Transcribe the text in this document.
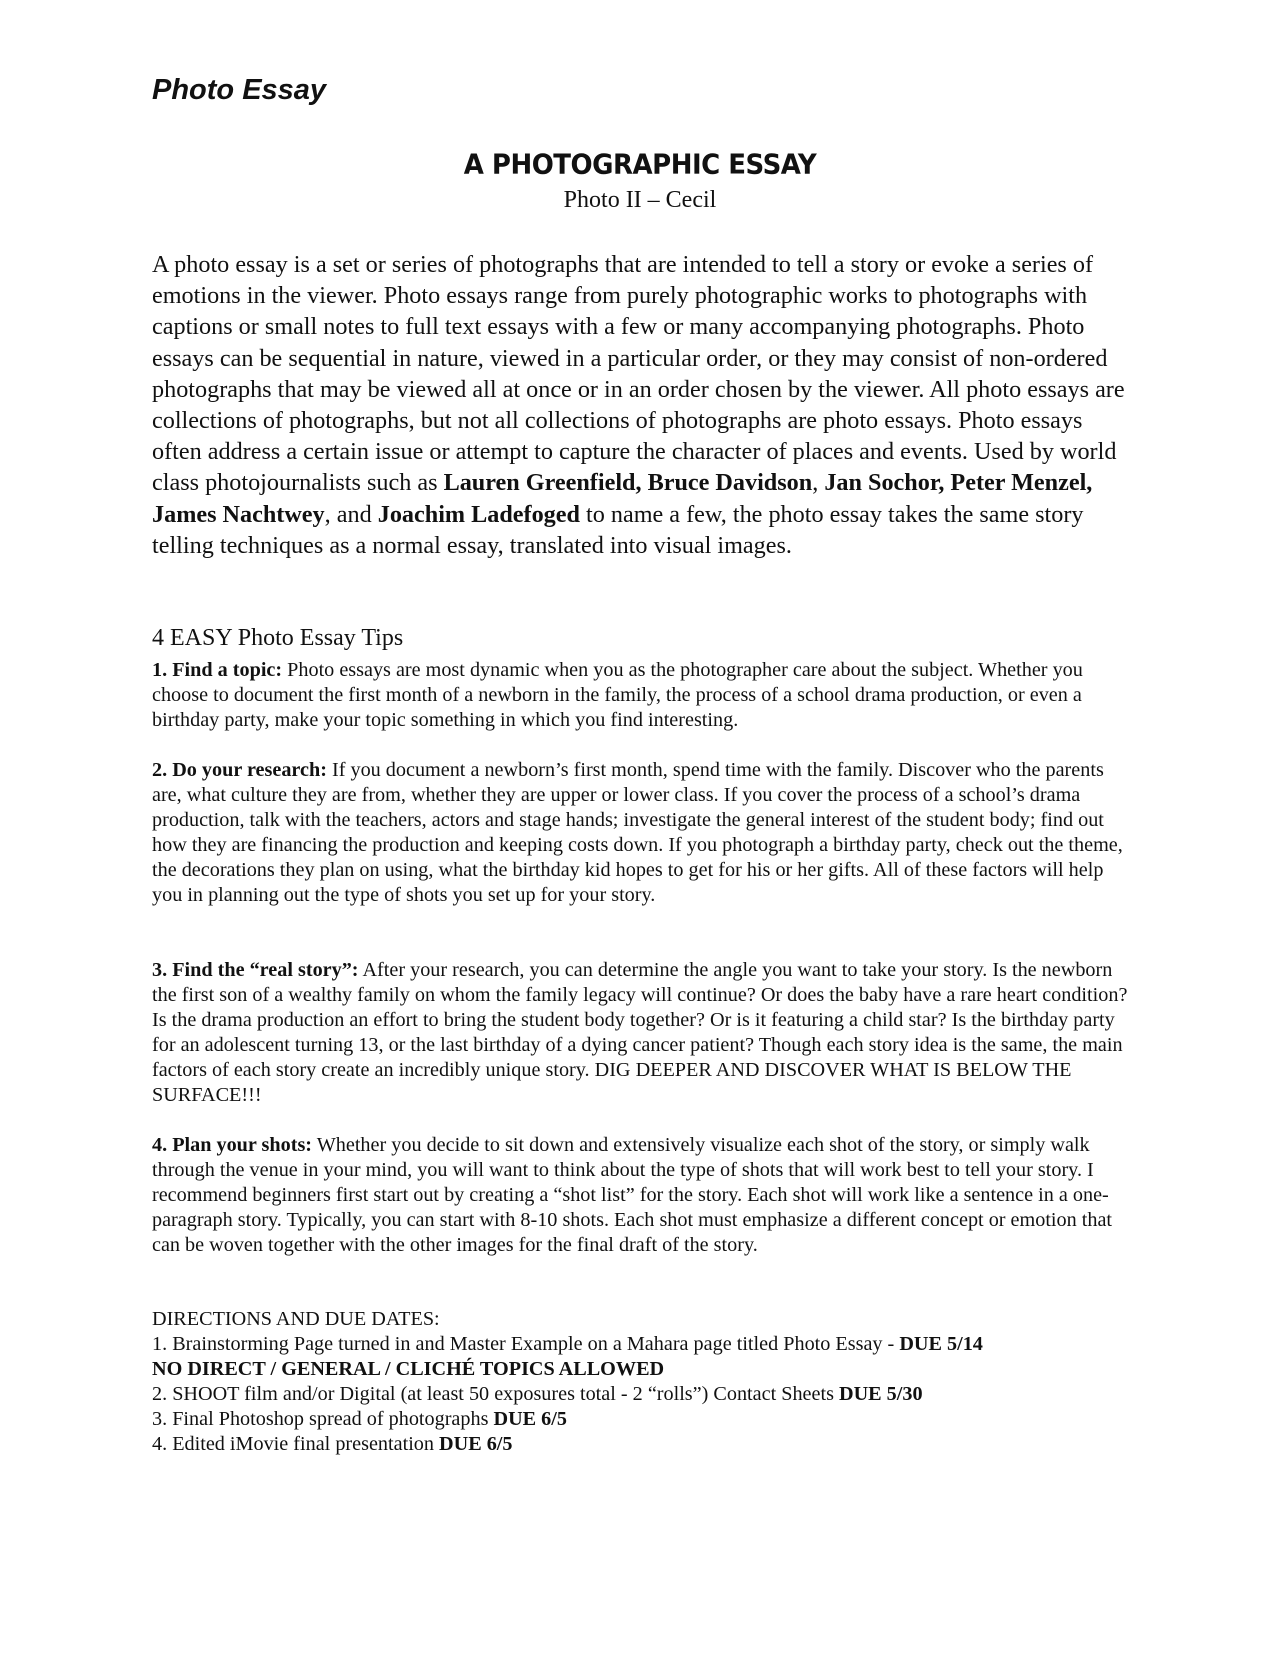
Photo Essay
A PHOTOGRAPHIC ESSAY

Photo II – Cecil

A photo essay is a set or series of photographs that are intended to tell a story or evoke a series of emotions in the viewer. Photo essays range from purely photographic works to photographs with captions or small notes to full text essays with a few or many accompanying photographs. Photo essays can be sequential in nature, viewed in a particular order, or they may consist of non-ordered photographs that may be viewed all at once or in an order chosen by the viewer. All photo essays are collections of photographs, but not all collections of photographs are photo essays. Photo essays often address a certain issue or attempt to capture the character of places and events. Used by world class photojournalists such as Lauren Greenfield, Bruce Davidson, Jan Sochor, Peter Menzel, James Nachtwey, and Joachim Ladefoged to name a few, the photo essay takes the same story telling techniques as a normal essay, translated into visual images.

4 EASY Photo Essay Tips

1. Find a topic: Photo essays are most dynamic when you as the photographer care about the subject. Whether you choose to document the first month of a newborn in the family, the process of a school drama production, or even a birthday party, make your topic something in which you find interesting.

2. Do your research: If you document a newborn’s first month, spend time with the family. Discover who the parents are, what culture they are from, whether they are upper or lower class. If you cover the process of a school’s drama production, talk with the teachers, actors and stage hands; investigate the general interest of the student body; find out how they are financing the production and keeping costs down. If you photograph a birthday party, check out the theme, the decorations they plan on using, what the birthday kid hopes to get for his or her gifts. All of these factors will help you in planning out the type of shots you set up for your story.

3. Find the “real story”: After your research, you can determine the angle you want to take your story. Is the newborn the first son of a wealthy family on whom the family legacy will continue? Or does the baby have a rare heart condition? Is the drama production an effort to bring the student body together? Or is it featuring a child star? Is the birthday party for an adolescent turning 13, or the last birthday of a dying cancer patient? Though each story idea is the same, the main factors of each story create an incredibly unique story. DIG DEEPER AND DISCOVER WHAT IS BELOW THE SURFACE!!!

4. Plan your shots: Whether you decide to sit down and extensively visualize each shot of the story, or simply walk through the venue in your mind, you will want to think about the type of shots that will work best to tell your story. I recommend beginners first start out by creating a “shot list” for the story. Each shot will work like a sentence in a one-paragraph story. Typically, you can start with 8-10 shots. Each shot must emphasize a different concept or emotion that can be woven together with the other images for the final draft of the story.

DIRECTIONS AND DUE DATES:
1. Brainstorming Page turned in and Master Example on a Mahara page titled Photo Essay - DUE 5/14
NO DIRECT / GENERAL / CLICHÉ TOPICS ALLOWED
2. SHOOT film and/or Digital (at least 50 exposures total - 2 “rolls”) Contact Sheets DUE 5/30
3. Final Photoshop spread of photographs DUE 6/5
4. Edited iMovie final presentation DUE 6/5
